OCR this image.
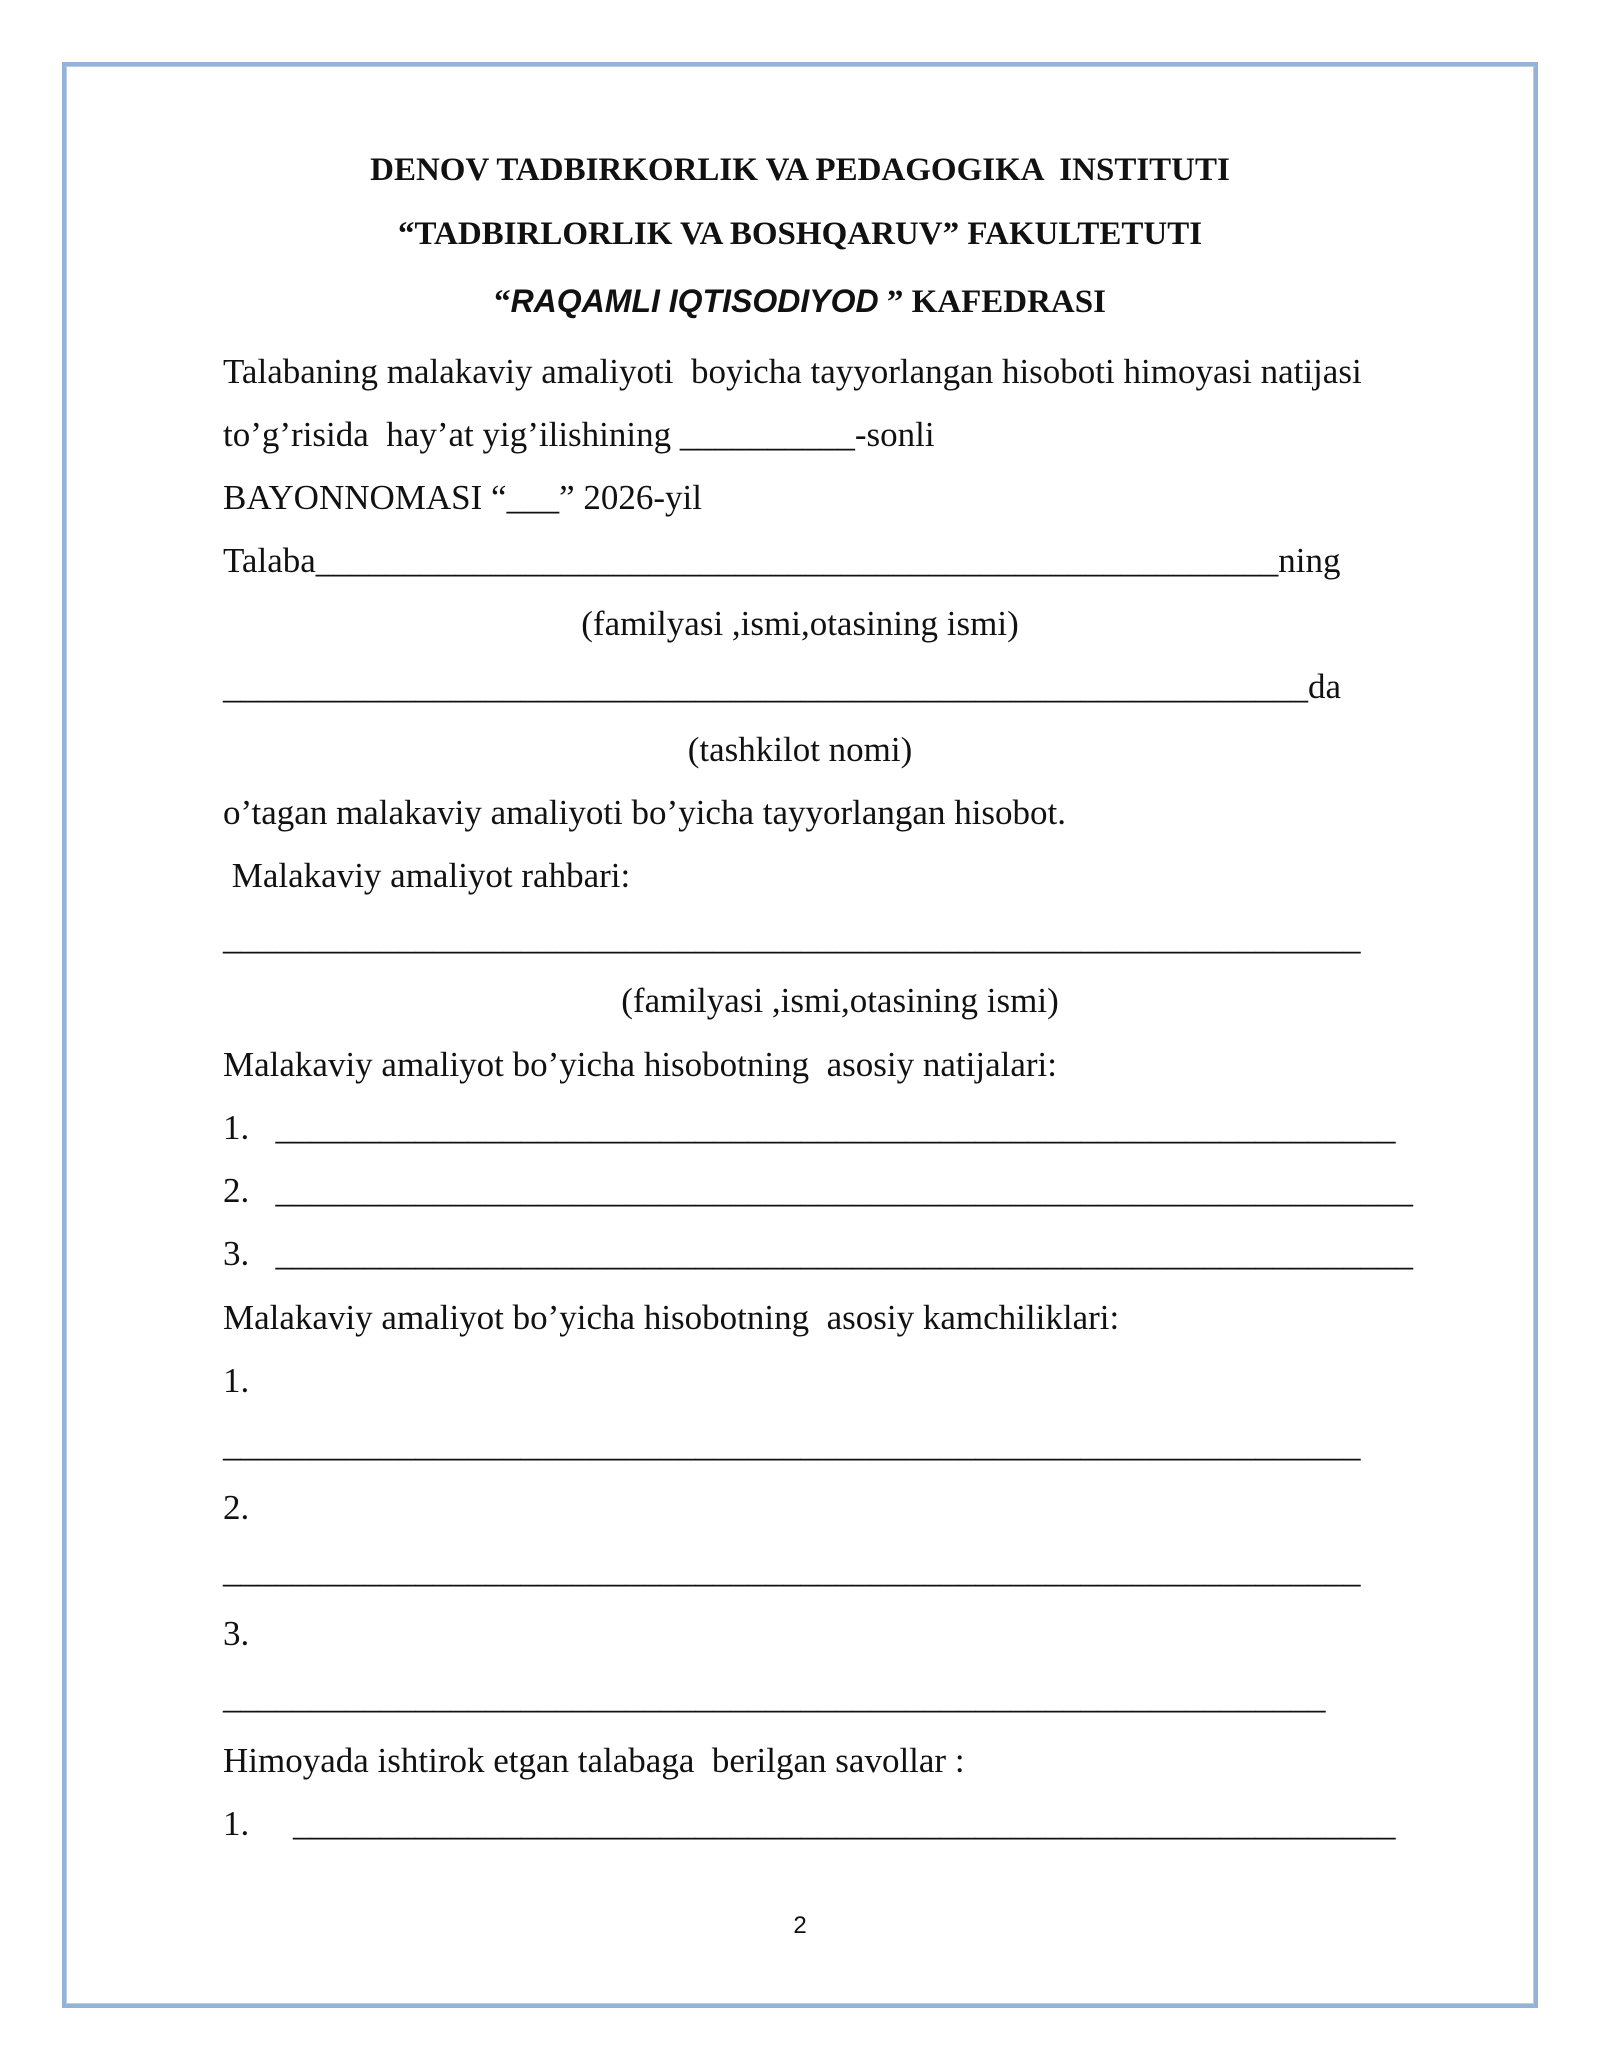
DENOV TADBIRKORLIK VA PEDAGOGIKA  INSTITUTI

“TADBIRLORLIK VA BOSHQARUV” FAKULTETUTI

“RAQAMLI IQTISODIYOD ” KAFEDRASI

Talabaning malakaviy amaliyoti  boyicha tayyorlangan hisoboti himoyasi natijasi

to’g’risida  hay’at yig’ilishining __________-sonli

BAYONNOMASI “___” 2026-yil

Talaba_______________________________________________________ning

(familyasi ,ismi,otasining ismi)

______________________________________________________________da

(tashkilot nomi)

o’tagan malakaviy amaliyoti bo’yicha tayyorlangan hisobot.

Malakaviy amaliyot rahbari:

_________________________________________________________________

(familyasi ,ismi,otasining ismi)

Malakaviy amaliyot bo’yicha hisobotning  asosiy natijalari:

1.   ________________________________________________________________

2.   _________________________________________________________________

3.   _________________________________________________________________

Malakaviy amaliyot bo’yicha hisobotning  asosiy kamchiliklari:

1.

_________________________________________________________________

2.

_________________________________________________________________

3.

_______________________________________________________________

Himoyada ishtirok etgan talabaga  berilgan savollar :

1.     _______________________________________________________________

2
